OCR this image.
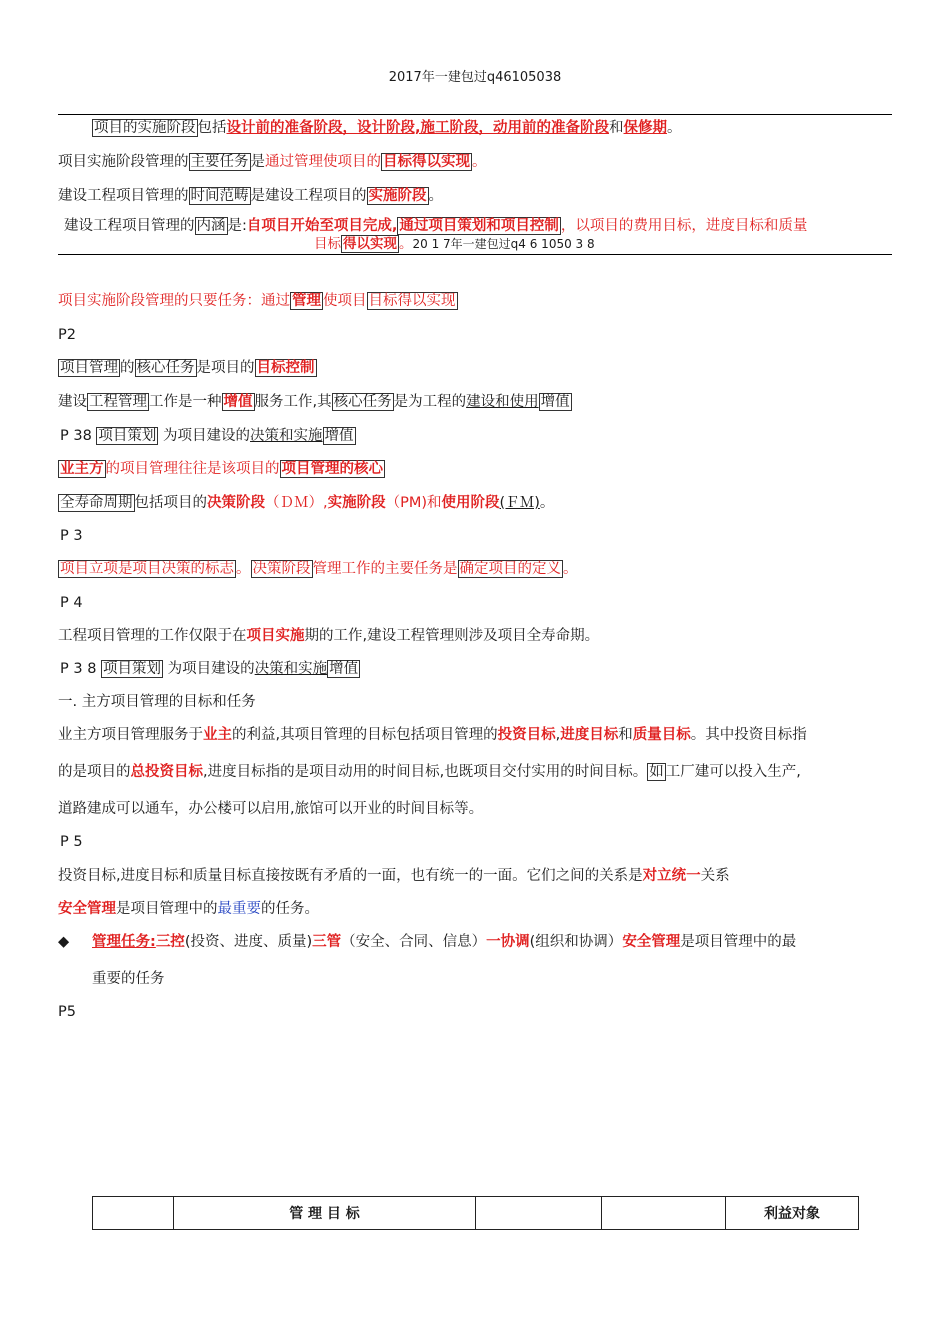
2017年一建包过q46105038
项目的实施阶段 包括设计前的准备阶段，设计阶段,施工阶段，动用前的准备阶段和保修期。
项目实施阶段管理的 主要任务 是通过管理使项目的 目标得以实现 。
建设工程项目管理的 时间范畴 是建设工程项目的 实施阶段 。
建设工程项目管理的 内涵 是:自项目开始至项目完成, 通过项目策划和项目控制 ，以项目的费用目标，进度目标和质量
目标 得以实现 。20 1 7年一建包过q4 6 1050 3 8
项目实施阶段管理的只要任务：通过 管理 使项目 目标得以实现
P2
项目管理 的 核心任务 是项目的 目标控制
建设 工程管理 工作是一种 增值 服务工作,其 核心任务 是为工程的建设和使用 增值
P 38 项目策划 为项目建设的决策和实施 增值
业主方 的项目管理往往是该项目的 项目管理的核心
全寿命周期 包括项目的决策阶段（ＤＭ）,实施阶段（PM)和使用阶段(ＦＭ)。
P 3
项目立项是项目决策的标志 。 决策阶段 管理工作的主要任务是 确定项目的定义 。
P 4
工程项目管理的工作仅限于在项目实施期的工作,建设工程管理则涉及项目全寿命期。
P 3 8 项目策划 为项目建设的决策和实施 增值
一. 主方项目管理的目标和任务
业主方项目管理服务于业主的利益,其项目管理的目标包括项目管理的投资目标,进度目标和质量目标。其中投资目标指
的是项目的总投资目标,进度目标指的是项目动用的时间目标,也既项目交付实用的时间目标。 如 工厂建可以投入生产,
道路建成可以通车，办公楼可以启用,旅馆可以开业的时间目标等。
P 5
投资目标,进度目标和质量目标直接按既有矛盾的一面，也有统一的一面。它们之间的关系是对立统一关系
安全管理是项目管理中的最重要的任务。
◆ 管理任务:三控(投资、进度、质量)三管（安全、合同、信息）一协调(组织和协调）安全管理是项目管理中的最
重要的任务
P5
	管 理 目 标			利益对象
